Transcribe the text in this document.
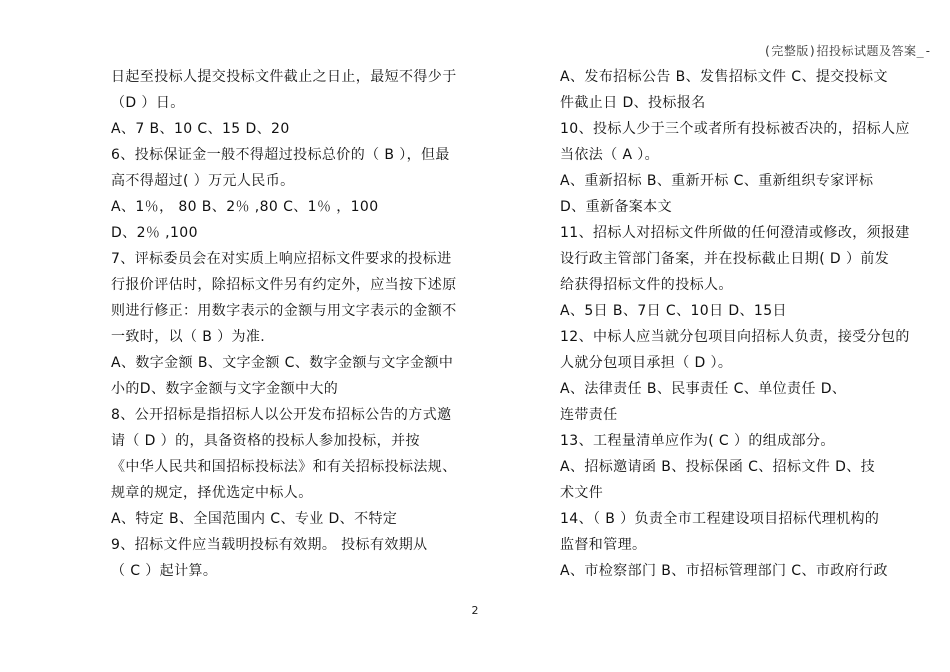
(完整版)招投标试题及答案_-
日起至投标人提交投标文件截止之日止，最短不得少于
（D ）日。
A、7 B、10 C、15 D、20
6、投标保证金一般不得超过投标总价的（ B ），但最
高不得超过( ）万元人民币。
A、1％， 80 B、2％ ,80 C、1％ ，100
D、2％ ,100
7、评标委员会在对实质上响应招标文件要求的投标进
行报价评估时，除招标文件另有约定外，应当按下述原
则进行修正：用数字表示的金额与用文字表示的金额不
一致时，以（ B ）为准.
A、数字金额 B、文字金额 C、数字金额与文字金额中
小的D、数字金额与文字金额中大的
8、公开招标是指招标人以公开发布招标公告的方式邀
请（ D ）的，具备资格的投标人参加投标，并按
《中华人民共和国招标投标法》和有关招标投标法规、
规章的规定，择优选定中标人。
A、特定 B、全国范围内 C、专业 D、不特定
9、招标文件应当载明投标有效期。 投标有效期从
（ C ）起计算。
A、发布招标公告 B、发售招标文件 C、提交投标文
件截止日 D、投标报名
10、投标人少于三个或者所有投标被否决的，招标人应
当依法（ A ）。
A、重新招标 B、重新开标 C、重新组织专家评标
D、重新备案本文
11、招标人对招标文件所做的任何澄清或修改，须报建
设行政主管部门备案，并在投标截止日期( D ）前发
给获得招标文件的投标人。
A、5日 B、7日 C、10日 D、15日
12、中标人应当就分包项目向招标人负责，接受分包的
人就分包项目承担（ D ）。
A、法律责任 B、民事责任 C、单位责任 D、
连带责任
13、工程量清单应作为( C ）的组成部分。
A、招标邀请函 B、投标保函 C、招标文件 D、技
术文件
14、（ B ）负责全市工程建设项目招标代理机构的
监督和管理。
A、市检察部门 B、市招标管理部门 C、市政府行政
2
